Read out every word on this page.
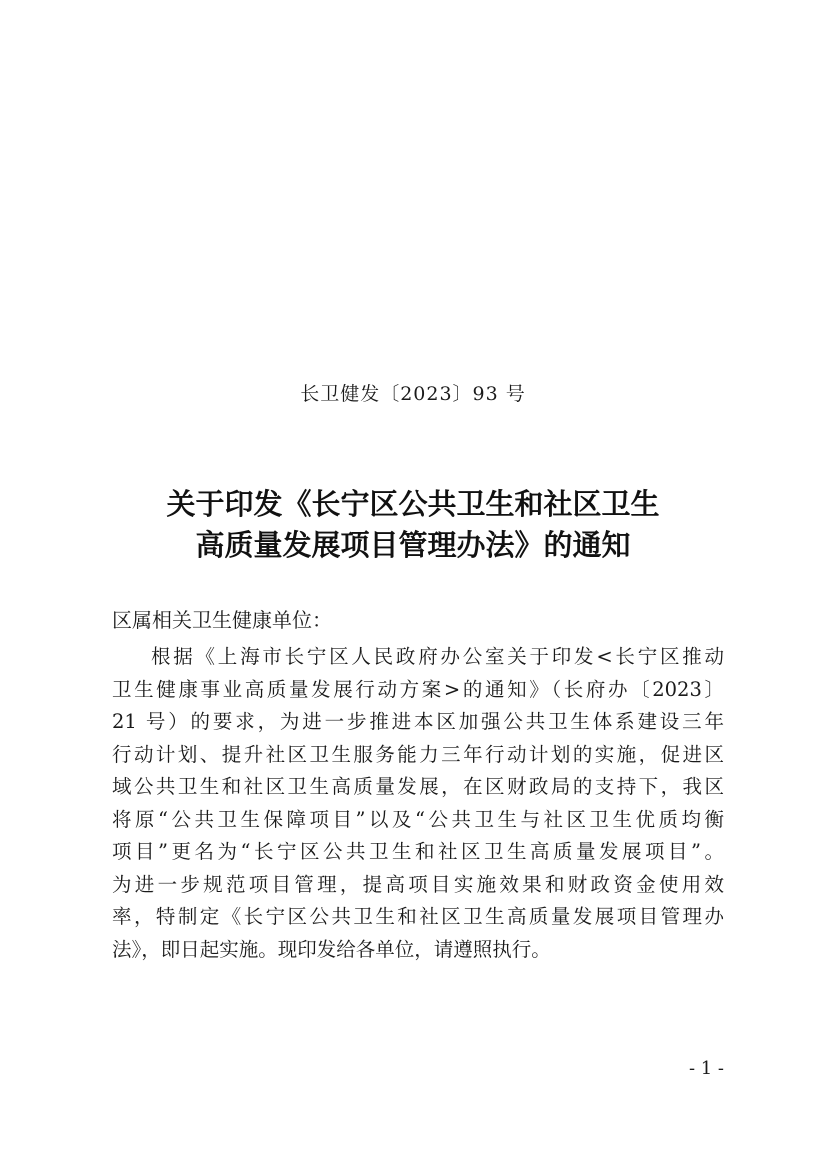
长卫健发〔2023〕93 号
关于印发《长宁区公共卫生和社区卫生
高质量发展项目管理办法》的通知
区属相关卫生健康单位：
根据《上海市长宁区人民政府办公室关于印发<长宁区推动
卫生健康事业高质量发展行动方案>的通知》（长府办〔2023〕
21 号）的要求，为进一步推进本区加强公共卫生体系建设三年
行动计划、提升社区卫生服务能力三年行动计划的实施，促进区
域公共卫生和社区卫生高质量发展，在区财政局的支持下，我区
将原“公共卫生保障项目”以及“公共卫生与社区卫生优质均衡
项目”更名为“长宁区公共卫生和社区卫生高质量发展项目”。
为进一步规范项目管理，提高项目实施效果和财政资金使用效
率，特制定《长宁区公共卫生和社区卫生高质量发展项目管理办
法》，即日起实施。现印发给各单位，请遵照执行。
- 1 -
